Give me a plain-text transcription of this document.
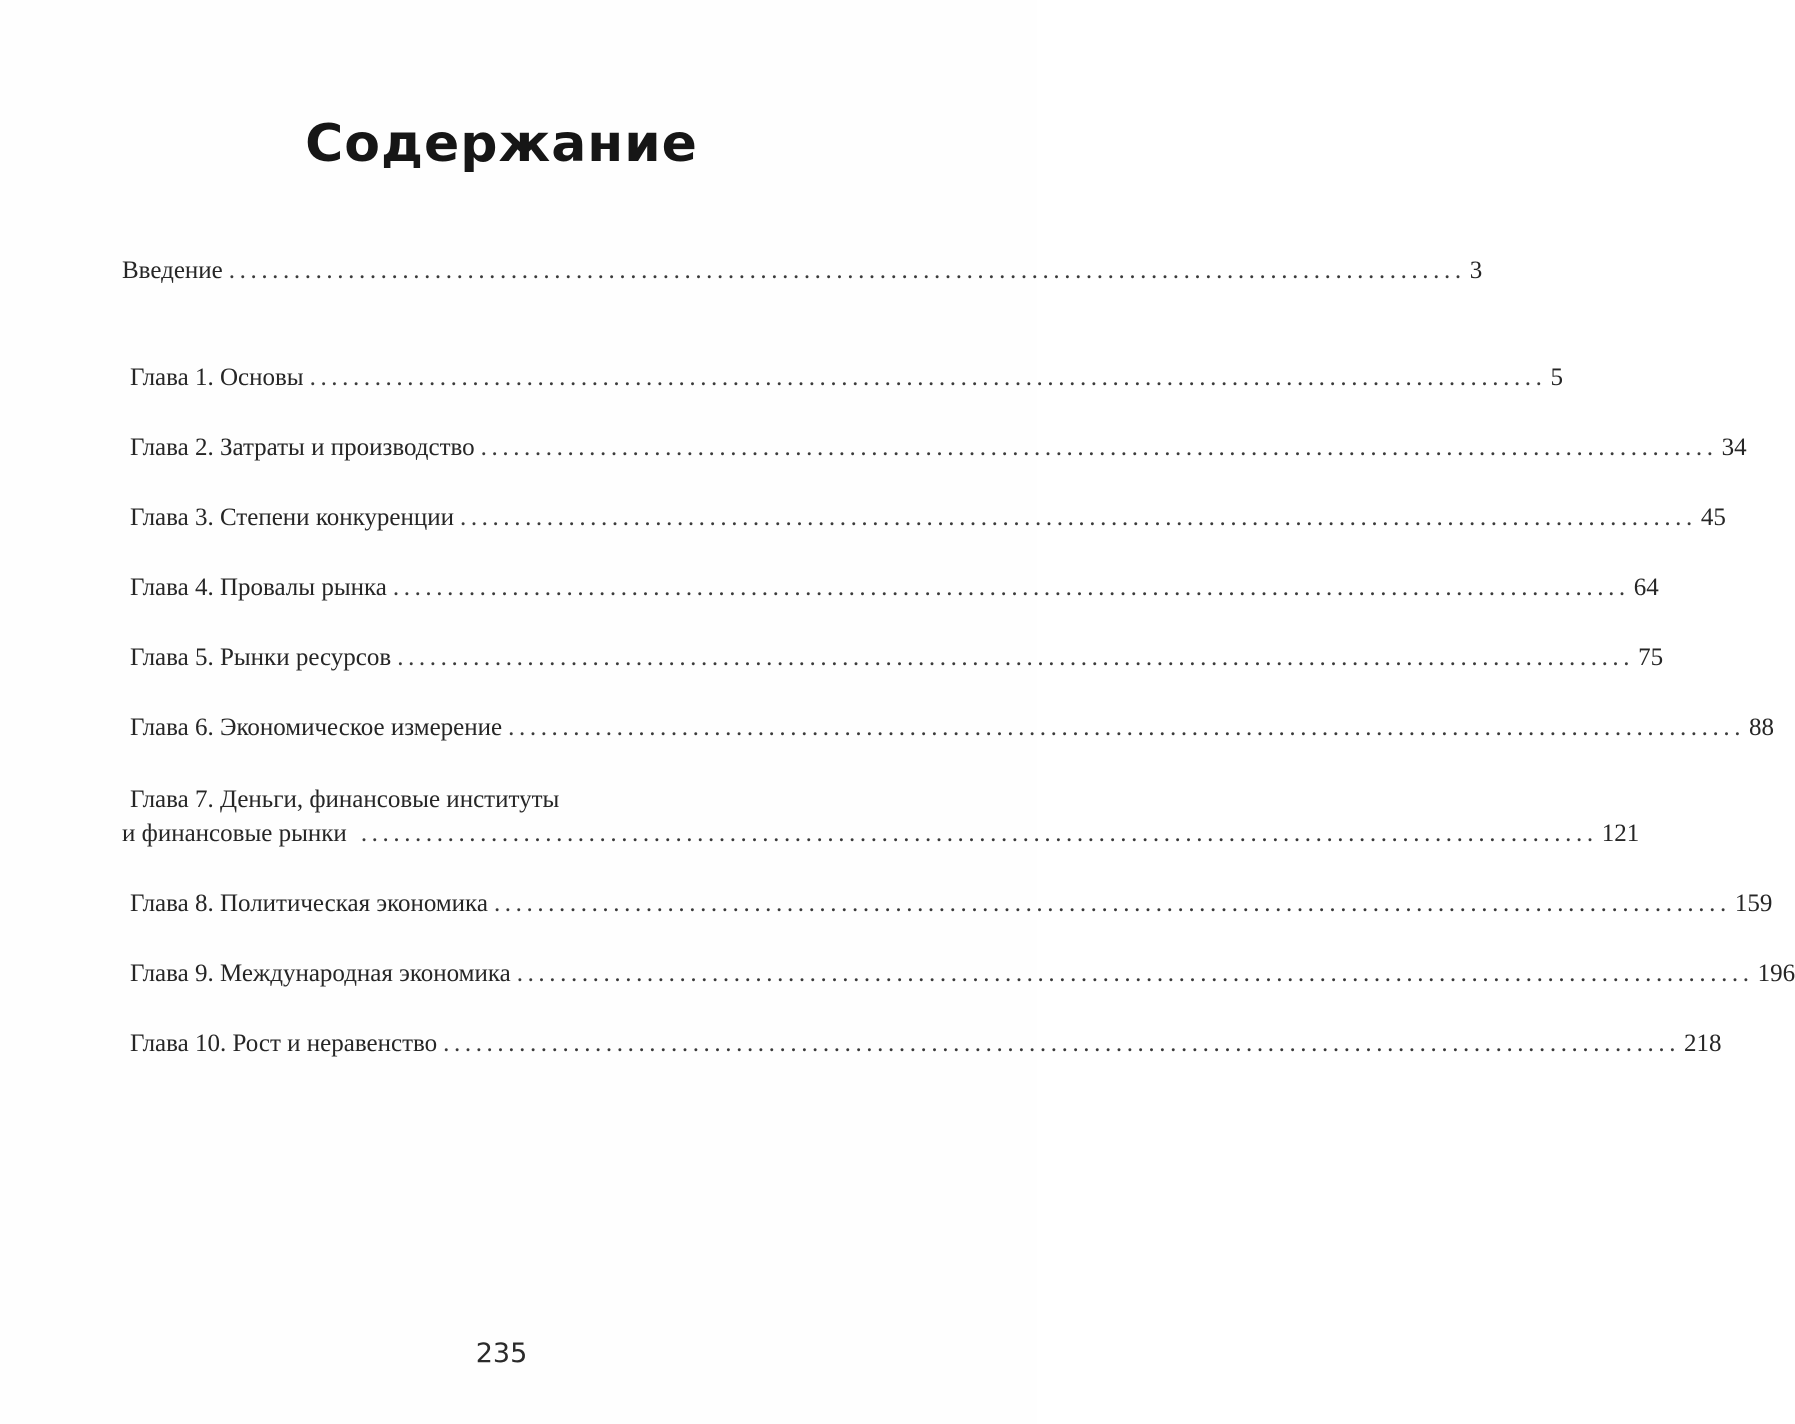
Содержание
Введение .................................................................................................................. 3
Глава 1. Основы .................................................................................................................. 5
Глава 2. Затраты и производство .................................................................................................................. 34
Глава 3. Степени конкуренции .................................................................................................................. 45
Глава 4. Провалы рынка .................................................................................................................. 64
Глава 5. Рынки ресурсов .................................................................................................................. 75
Глава 6. Экономическое измерение .................................................................................................................. 88
Глава 7. Деньги, финансовые институты
и финансовые рынки .................................................................................................................. 121
Глава 8. Политическая экономика .................................................................................................................. 159
Глава 9. Международная экономика .................................................................................................................. 196
Глава 10. Рост и неравенство .................................................................................................................. 218
235
